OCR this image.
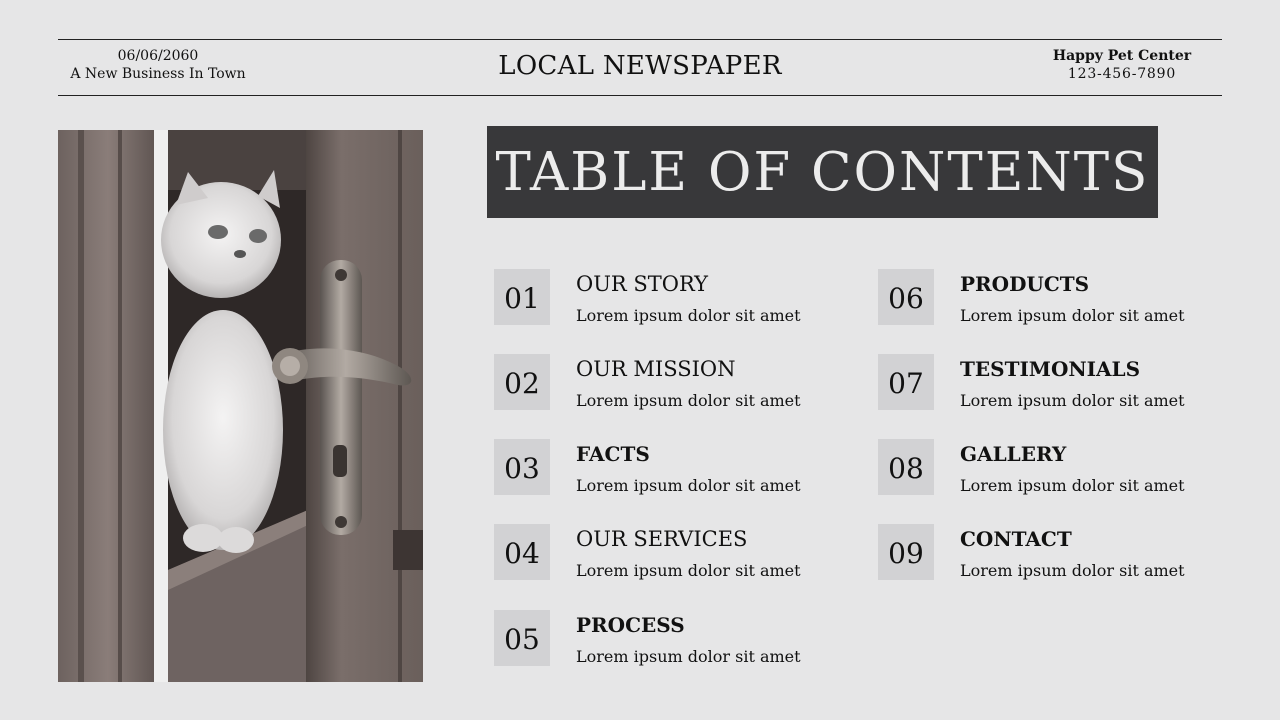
06/06/2060
A New Business In Town	LOCAL NEWSPAPER	Happy Pet Center
123-456-7890
TABLE OF CONTENTS
01 OUR STORY
Lorem ipsum dolor sit amet
02 OUR MISSION
Lorem ipsum dolor sit amet
03 FACTS
Lorem ipsum dolor sit amet
04 OUR SERVICES
Lorem ipsum dolor sit amet
05 PROCESS
Lorem ipsum dolor sit amet
06 PRODUCTS
Lorem ipsum dolor sit amet
07 TESTIMONIALS
Lorem ipsum dolor sit amet
08 GALLERY
Lorem ipsum dolor sit amet
09 CONTACT
Lorem ipsum dolor sit amet
